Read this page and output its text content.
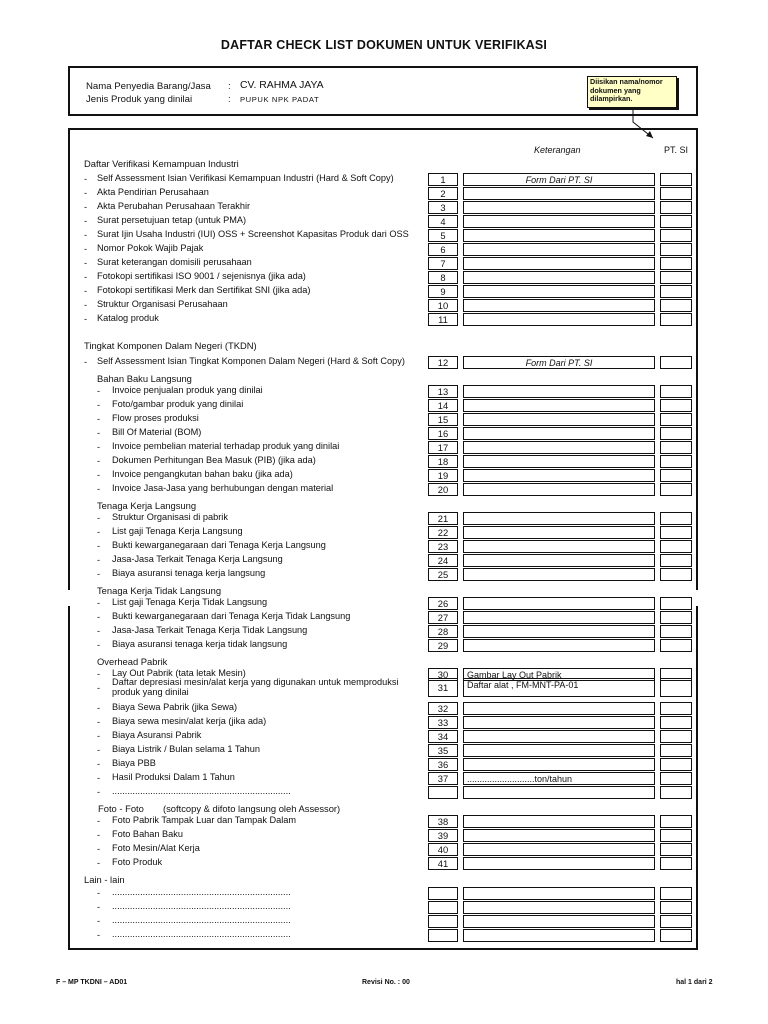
DAFTAR CHECK LIST DOKUMEN UNTUK VERIFIKASI
Nama Penyedia Barang/Jasa : CV. RAHMA JAYA
Jenis Produk yang dinilai	: PUPUK NPK PADAT
Diisikan nama/nomor dokumen yang dilampirkan.
Keterangan	PT. SI
Daftar Verifikasi Kemampuan Industri
Tingkat Komponen Dalam Negeri (TKDN)
Bahan Baku Langsung
Tenaga Kerja Langsung
Tenaga Kerja Tidak Langsung
Overhead Pabrik
Foto - Foto (softcopy & difoto langsung oleh Assessor)
Lain - lain
- Self Assessment Isian Verifikasi Kemampuan Industri (Hard & Soft Copy)	1	Form Dari PT. SI
- Akta Pendirian Perusahaan	2
- Akta Perubahan Perusahaan Terakhir	3
- Surat persetujuan tetap (untuk PMA)	4
- Surat Ijin Usaha Industri (IUI) OSS + Screenshot Kapasitas Produk dari OSS	5
- Nomor Pokok Wajib Pajak	6
- Surat keterangan domisili perusahaan	7
- Fotokopi sertifikasi ISO 9001 / sejenisnya (jika ada)	8
- Fotokopi sertifikasi Merk dan Sertifikat SNI (jika ada)	9
- Struktur Organisasi Perusahaan	10
- Katalog produk	11
- Self Assessment Isian Tingkat Komponen Dalam Negeri (Hard & Soft Copy)	12	Form Dari PT. SI
- Invoice penjualan produk yang dinilai	13
- Foto/gambar produk yang dinilai	14
- Flow proses produksi	15
- Bill Of Material (BOM)	16
- Invoice pembelian material terhadap produk yang dinilai	17
- Dokumen Perhitungan Bea Masuk (PIB) (jika ada)	18
- Invoice pengangkutan bahan baku (jika ada)	19
- Invoice Jasa-Jasa yang berhubungan dengan material	20
- Struktur Organisasi di pabrik	21
- List gaji Tenaga Kerja Langsung	22
- Bukti kewarganegaraan dari Tenaga Kerja Langsung	23
- Jasa-Jasa Terkait Tenaga Kerja Langsung	24
- Biaya asuransi tenaga kerja langsung	25
- List gaji Tenaga Kerja Tidak Langsung	26
- Bukti kewarganegaraan dari Tenaga Kerja Tidak Langsung	27
- Jasa-Jasa Terkait Tenaga Kerja Tidak Langsung	28
- Biaya asuransi tenaga kerja tidak langsung	29
- Lay Out Pabrik (tata letak Mesin)	30	Gambar Lay Out Pabrik
- Daftar depresiasi mesin/alat kerja yang digunakan untuk memproduksi produk yang dinilai	31	Daftar alat , FM-MNT-PA-01
- Biaya Sewa Pabrik (jika Sewa)	32
- Biaya sewa mesin/alat kerja (jika ada)	33
- Biaya Asuransi Pabrik	34
- Biaya Listrik / Bulan selama 1 Tahun	35
- Biaya PBB	36
- Hasil Produksi Dalam 1 Tahun	37	...........................ton/tahun
- ......................................................................
- Foto Pabrik Tampak Luar dan Tampak Dalam	38
- Foto Bahan Baku	39
- Foto Mesin/Alat Kerja	40
- Foto Produk	41
- ......................................................................
- ......................................................................
- ......................................................................
- ......................................................................
F – MP TKDNI – AD01	Revisi No. : 00	hal 1 dari 2
